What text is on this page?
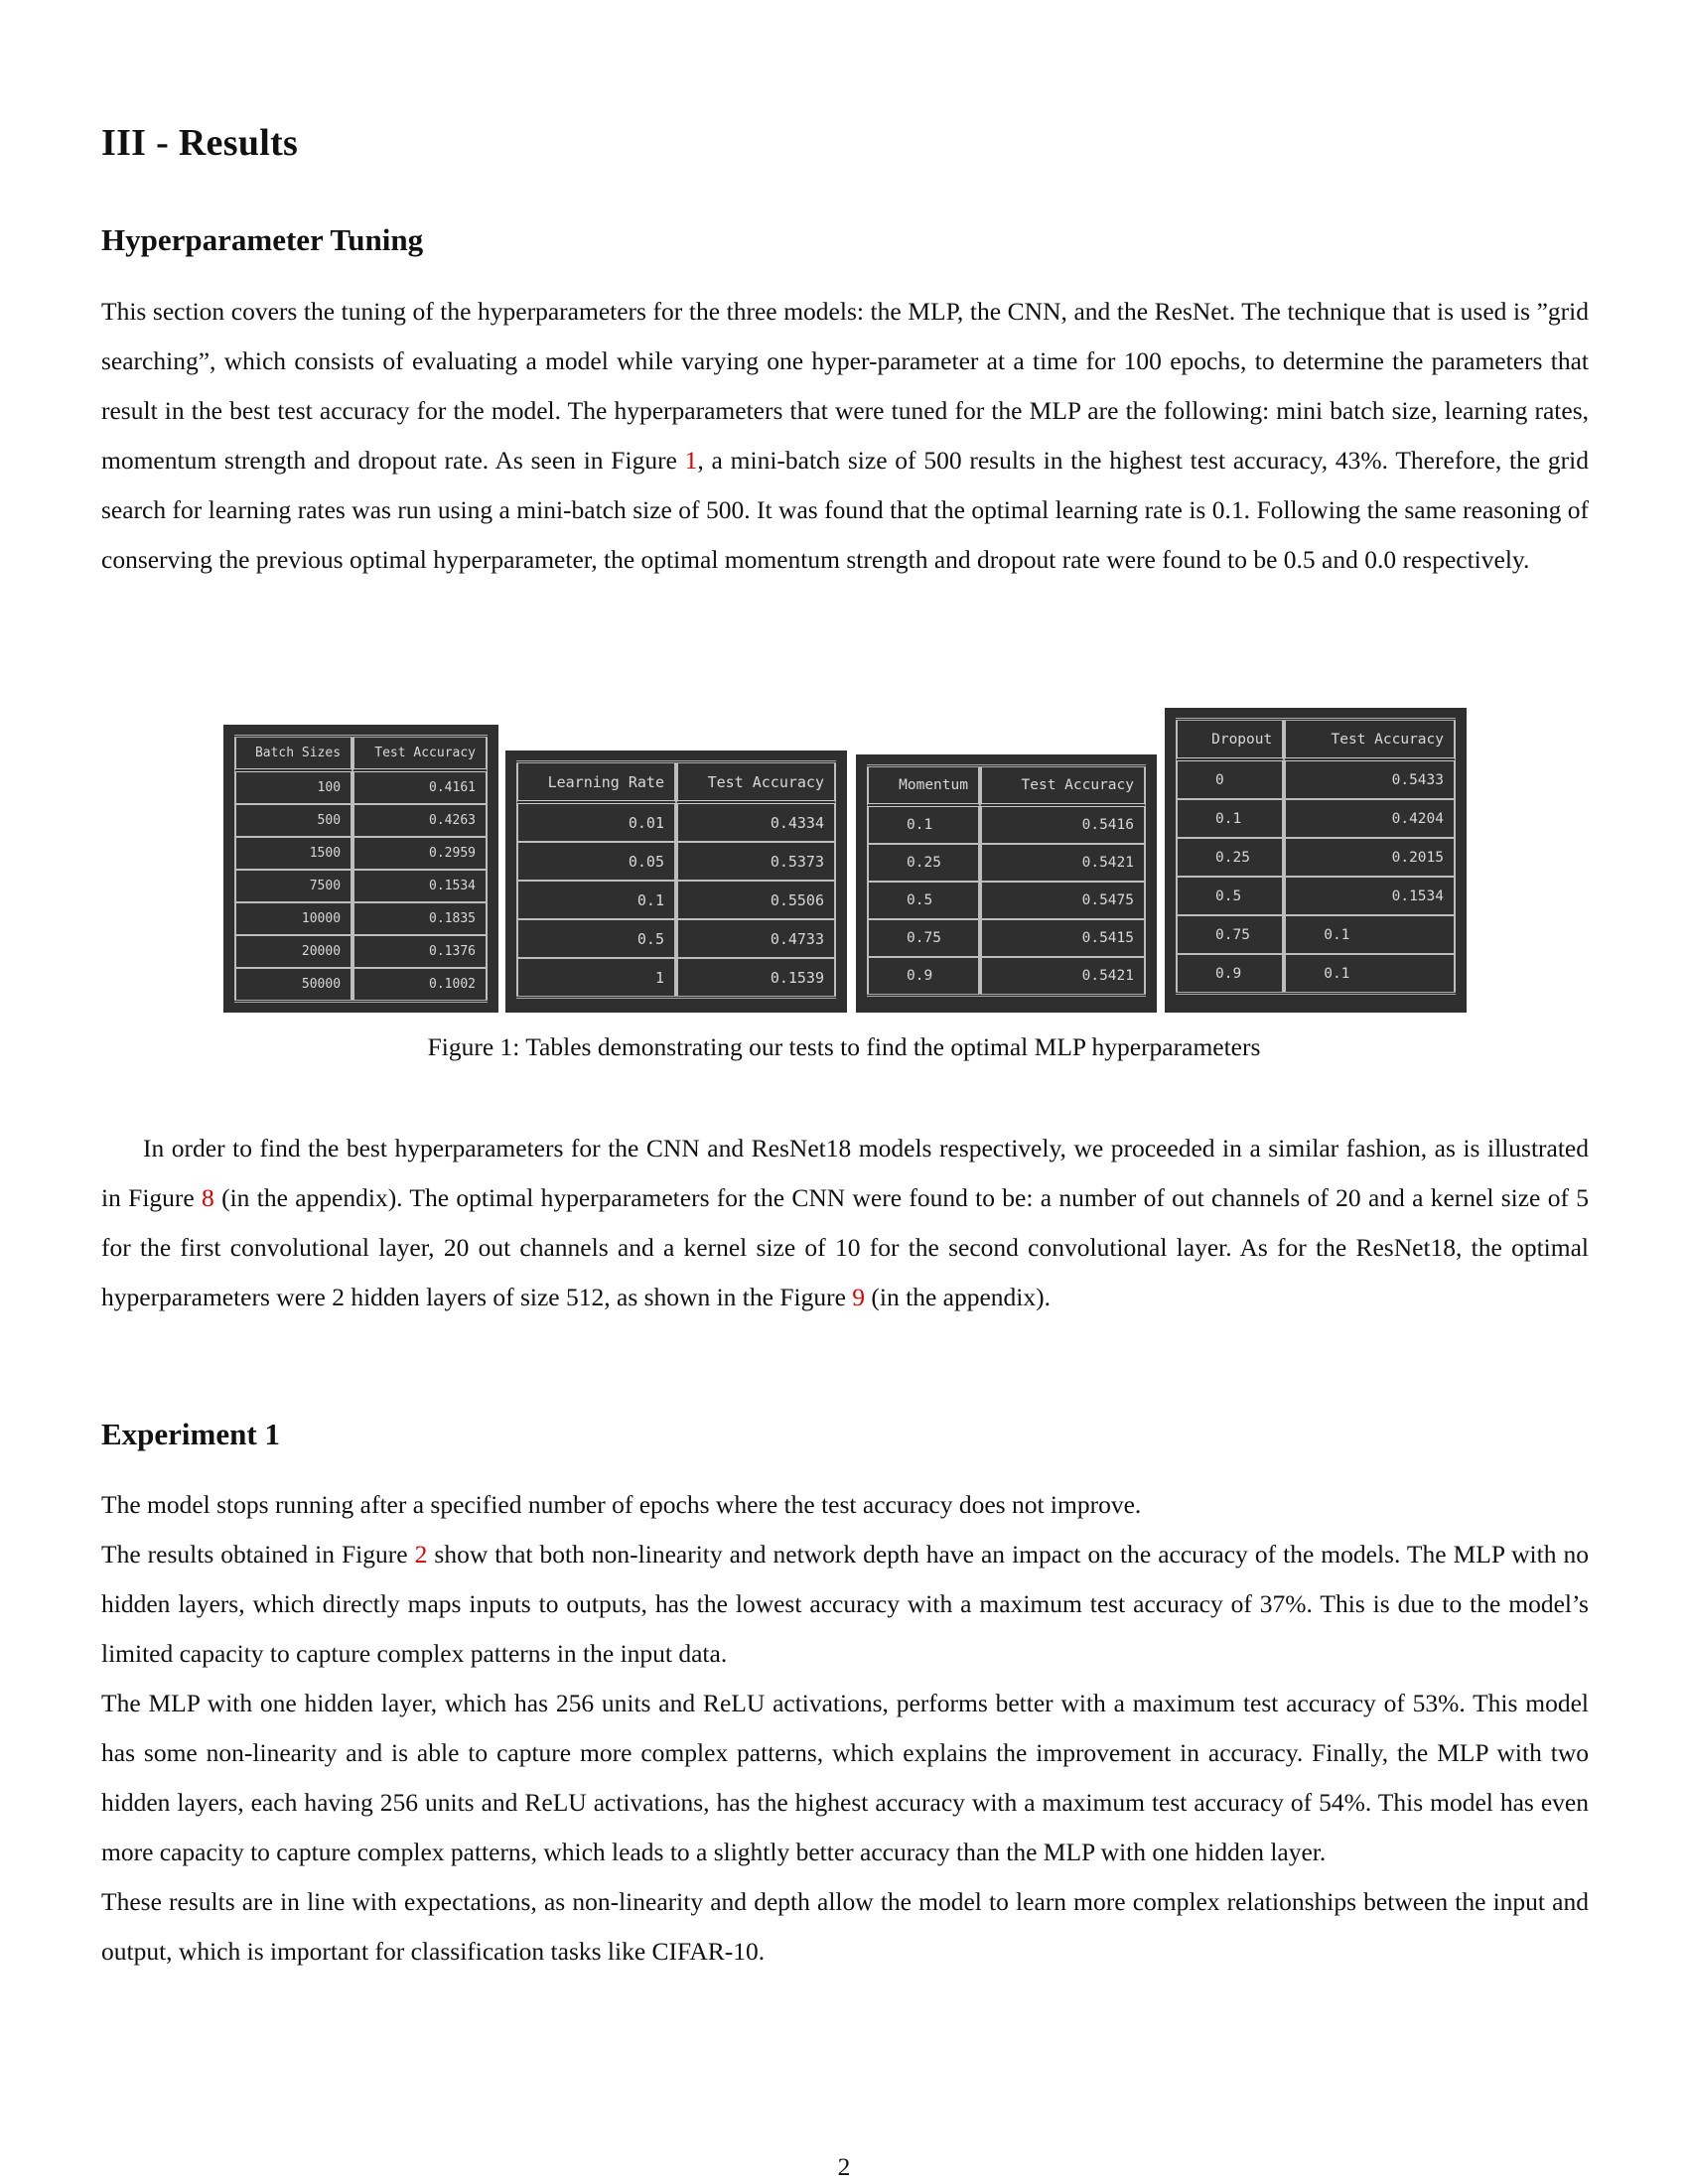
III - Results
Hyperparameter Tuning

This section covers the tuning of the hyperparameters for the three models: the MLP, the CNN, and the ResNet. The technique that is used is ”grid searching”, which consists of evaluating a model while varying one hyper-parameter at a time for 100 epochs, to determine the parameters that result in the best test accuracy for the model. The hyperparameters that were tuned for the MLP are the following: mini batch size, learning rates, momentum strength and dropout rate. As seen in Figure 1, a mini-batch size of 500 results in the highest test accuracy, 43%. Therefore, the grid search for learning rates was run using a mini-batch size of 500. It was found that the optimal learning rate is 0.1. Following the same reasoning of conserving the previous optimal hyperparameter, the optimal momentum strength and dropout rate were found to be 0.5 and 0.0 respectively.

Batch Sizes	Test Accuracy
100	0.4161
500	0.4263
1500	0.2959
7500	0.1534
10000	0.1835
20000	0.1376
50000	0.1002
Learning Rate	Test Accuracy
0.01	0.4334
0.05	0.5373
0.1	0.5506
0.5	0.4733
1	0.1539
Momentum	Test Accuracy
0.1	0.5416
0.25	0.5421
0.5	0.5475
0.75	0.5415
0.9	0.5421
Dropout	Test Accuracy
0	0.5433
0.1	0.4204
0.25	0.2015
0.5	0.1534
0.75	0.1
0.9	0.1
Figure 1: Tables demonstrating our tests to find the optimal MLP hyperparameters

In order to find the best hyperparameters for the CNN and ResNet18 models respectively, we proceeded in a similar fashion, as is illustrated in Figure 8 (in the appendix). The optimal hyperparameters for the CNN were found to be: a number of out channels of 20 and a kernel size of 5 for the first convolutional layer, 20 out channels and a kernel size of 10 for the second convolutional layer. As for the ResNet18, the optimal hyperparameters were 2 hidden layers of size 512, as shown in the Figure 9 (in the appendix).

Experiment 1

The model stops running after a specified number of epochs where the test accuracy does not improve.

The results obtained in Figure 2 show that both non-linearity and network depth have an impact on the accuracy of the models. The MLP with no hidden layers, which directly maps inputs to outputs, has the lowest accuracy with a maximum test accuracy of 37%. This is due to the model’s limited capacity to capture complex patterns in the input data.

The MLP with one hidden layer, which has 256 units and ReLU activations, performs better with a maximum test accuracy of 53%. This model has some non-linearity and is able to capture more complex patterns, which explains the improvement in accuracy. Finally, the MLP with two hidden layers, each having 256 units and ReLU activations, has the highest accuracy with a maximum test accuracy of 54%. This model has even more capacity to capture complex patterns, which leads to a slightly better accuracy than the MLP with one hidden layer.

These results are in line with expectations, as non-linearity and depth allow the model to learn more complex relationships between the input and output, which is important for classification tasks like CIFAR-10.

2
